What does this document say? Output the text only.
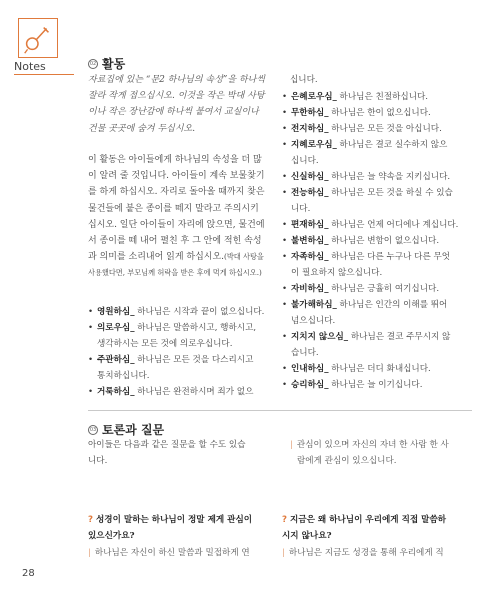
Notes	02 활동
자료집에 있는 “문2 하나님의 속성”을 하나씩
잘라 작게 접으십시오. 이것을 작은 박대 사탕
이나 작은 장난감에 하나씩 붙여서 교실이나
건물 곳곳에 숨겨 두십시오.
이 활동은 아이들에게 하나님의 속성을 더 많
이 알려 줄 것입니다. 아이들이 계속 보물찾기
를 하게 하십시오. 자리로 돌아올 때까지 찾은
물건들에 붙은 종이를 떼지 말라고 주의시키
십시오. 일단 아이들이 자리에 앉으면, 물건에
서 종이를 떼 내어 펼친 후 그 안에 적힌 속성
과 의미를 소리내어 읽게 하십시오.(박대 사탕을
사용했다면, 부모님께 허락을 받은 후에 먹게 하십시오.)
• 영원하심_ 하나님은 시작과 끝이 없으십니다.
• 의로우심_ 하나님은 말씀하시고, 행하시고,
생각하시는 모든 것에 의로우십니다.
• 주관하심_ 하나님은 모든 것을 다스리시고
통치하십니다.
• 거룩하심_ 하나님은 완전하시며 죄가 없으
십니다.
• 은혜로우심_ 하나님은 친절하십니다.
• 무한하심_ 하나님은 한이 없으십니다.
• 전지하심_ 하나님은 모든 것을 아십니다.
• 지혜로우심_ 하나님은 결코 실수하지 않으
십니다.
• 신실하심_ 하나님은 늘 약속을 지키십니다.
• 전능하심_ 하나님은 모든 것을 하실 수 있습
니다.
• 편재하심_ 하나님은 언제 어디에나 계십니다.
• 불변하심_ 하나님은 변함이 없으십니다.
• 자족하심_ 하나님은 다른 누구나 다른 무엇
이 필요하지 않으십니다.
• 자비하심_ 하나님은 긍휼히 여기십니다.
• 불가해하심_ 하나님은 인간의 이해를 뛰어
넘으십니다.
• 지치지 않으심_ 하나님은 결코 주무시지 않
습니다.
• 인내하심_ 하나님은 더디 화내십니다.
• 승리하심_ 하나님은 늘 이기십니다.
03 토론과 질문
아이들은 다음과 같은 질문을 할 수도 있습
니다.
| 관심이 있으며 자신의 자녀 한 사람 한 사
람에게 관심이 있으십니다.
? 성경이 말하는 하나님이 정말 제게 관심이
있으신가요?
| 하나님은 자신이 하신 말씀과 밀접하게 연
? 지금은 왜 하나님이 우리에게 직접 말씀하
시지 않나요?
| 하나님은 지금도 성경을 통해 우리에게 직
28
